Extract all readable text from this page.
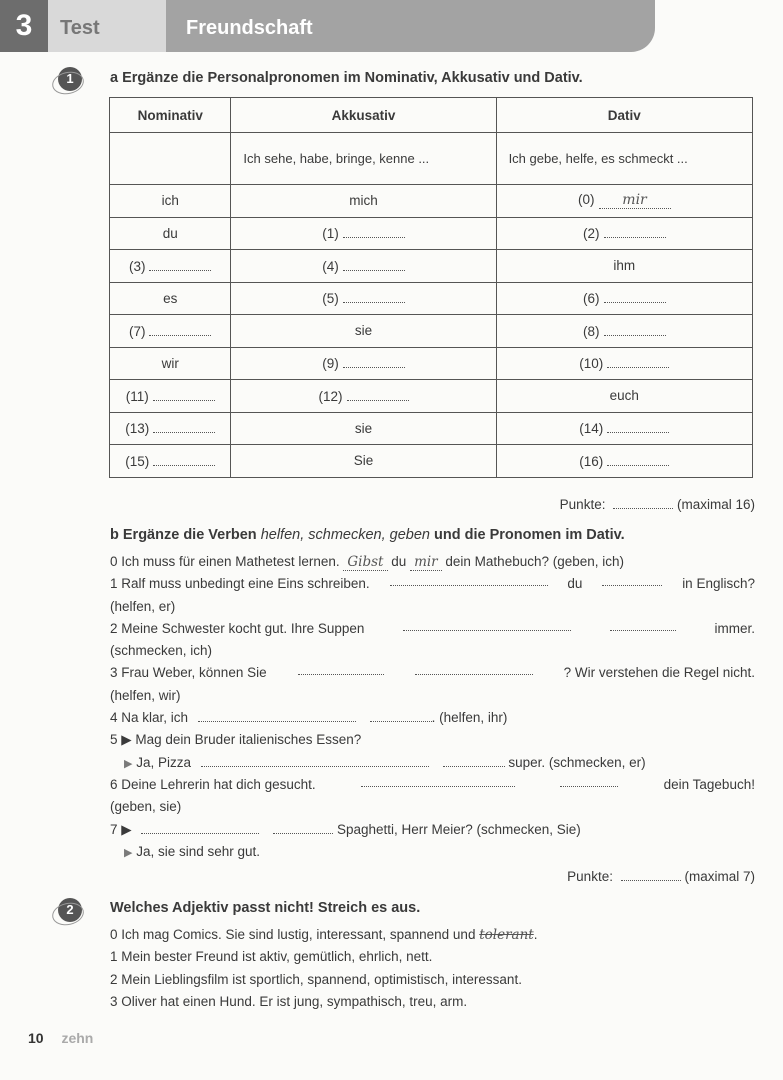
3	Test	Freundschaft
1	a Ergänze die Personalpronomen im Nominativ, Akkusativ und Dativ.
Nominativ	Akkusativ	Dativ
	Ich sehe, habe, bringe, kenne ...	Ich gebe, helfe, es schmeckt ...
ich	mich	(0) mir
du	(1)	(2)
(3)	(4)	ihm
es	(5)	(6)
(7)	sie	(8)
wir	(9)	(10)
(11)	(12)	euch
(13)	sie	(14)
(15)	Sie	(16)
Punkte:	(maximal 16)
b Ergänze die Verben helfen, schmecken, geben und die Pronomen im Dativ.
0 Ich muss für einen Mathetest lernen. Gibst du mir dein Mathebuch? (geben, ich)
1 Ralf muss unbedingt eine Eins schreiben.	du	in Englisch?
(helfen, er)
2 Meine Schwester kocht gut. Ihre Suppen	immer.
(schmecken, ich)
3 Frau Weber, können Sie	? Wir verstehen die Regel nicht.
(helfen, wir)
4 Na klar, ich	. (helfen, ihr)
5 ▶ Mag dein Bruder italienisches Essen?
▶ Ja, Pizza	super. (schmecken, er)
6 Deine Lehrerin hat dich gesucht.	dein Tagebuch!
(geben, sie)
7 ▶	Spaghetti, Herr Meier? (schmecken, Sie)
▶ Ja, sie sind sehr gut.
Punkte:	(maximal 7)
2	Welches Adjektiv passt nicht! Streich es aus.
0 Ich mag Comics. Sie sind lustig, interessant, spannend und tolerant.
1 Mein bester Freund ist aktiv, gemütlich, ehrlich, nett.
2 Mein Lieblingsfilm ist sportlich, spannend, optimistisch, interessant.
3 Oliver hat einen Hund. Er ist jung, sympathisch, treu, arm.
10 zehn
